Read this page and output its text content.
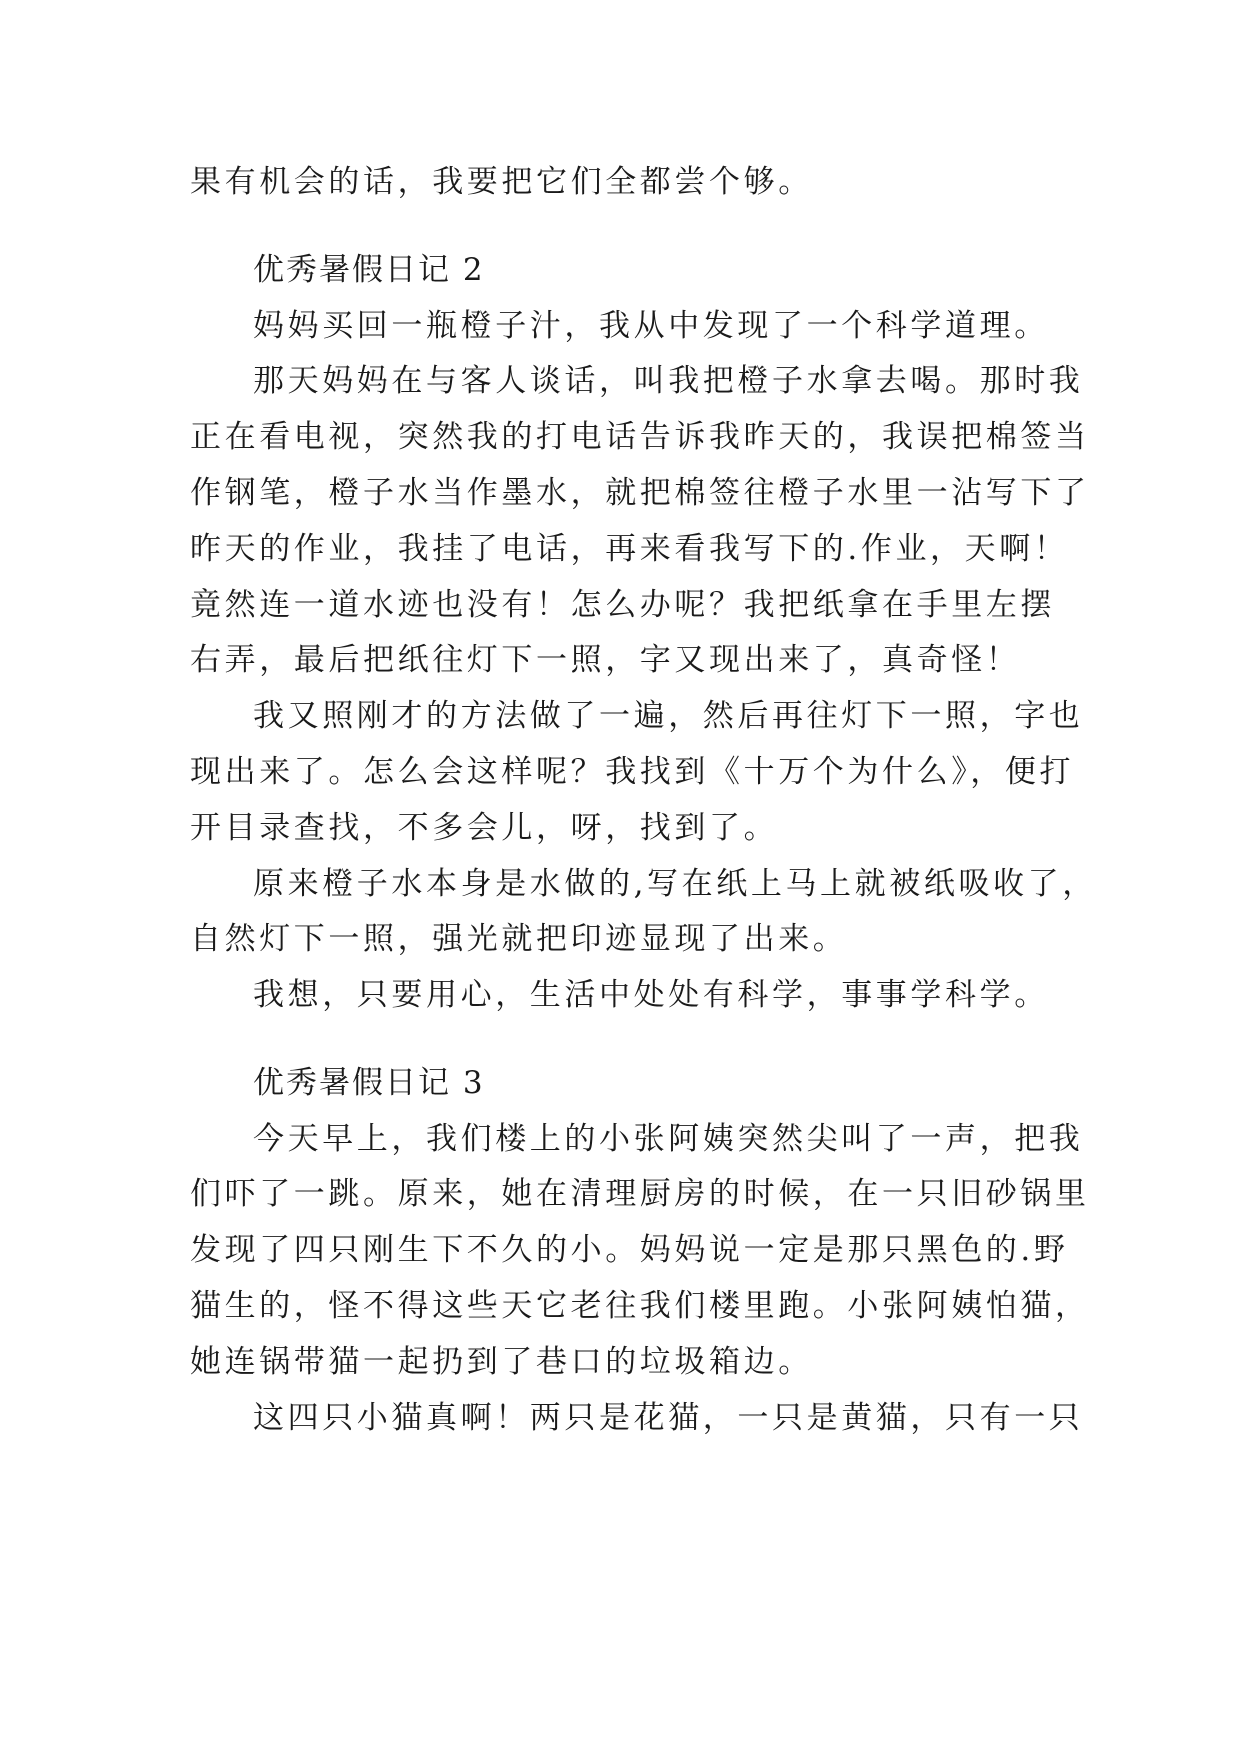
果有机会的话，我要把它们全都尝个够。
优秀暑假日记 2
妈妈买回一瓶橙子汁，我从中发现了一个科学道理。
那天妈妈在与客人谈话，叫我把橙子水拿去喝。那时我
正在看电视，突然我的打电话告诉我昨天的，我误把棉签当
作钢笔，橙子水当作墨水，就把棉签往橙子水里一沾写下了
昨天的作业，我挂了电话，再来看我写下的.作业，天啊！
竟然连一道水迹也没有！怎么办呢？我把纸拿在手里左摆
右弄，最后把纸往灯下一照，字又现出来了，真奇怪！
我又照刚才的方法做了一遍，然后再往灯下一照，字也
现出来了。怎么会这样呢？我找到《十万个为什么》，便打
开目录查找，不多会儿，呀，找到了。
原来橙子水本身是水做的,写在纸上马上就被纸吸收了，
自然灯下一照，强光就把印迹显现了出来。
我想，只要用心，生活中处处有科学，事事学科学。
优秀暑假日记 3
今天早上，我们楼上的小张阿姨突然尖叫了一声，把我
们吓了一跳。原来，她在清理厨房的时候，在一只旧砂锅里
发现了四只刚生下不久的小。妈妈说一定是那只黑色的.野
猫生的，怪不得这些天它老往我们楼里跑。小张阿姨怕猫，
她连锅带猫一起扔到了巷口的垃圾箱边。
这四只小猫真啊！两只是花猫，一只是黄猫，只有一只
